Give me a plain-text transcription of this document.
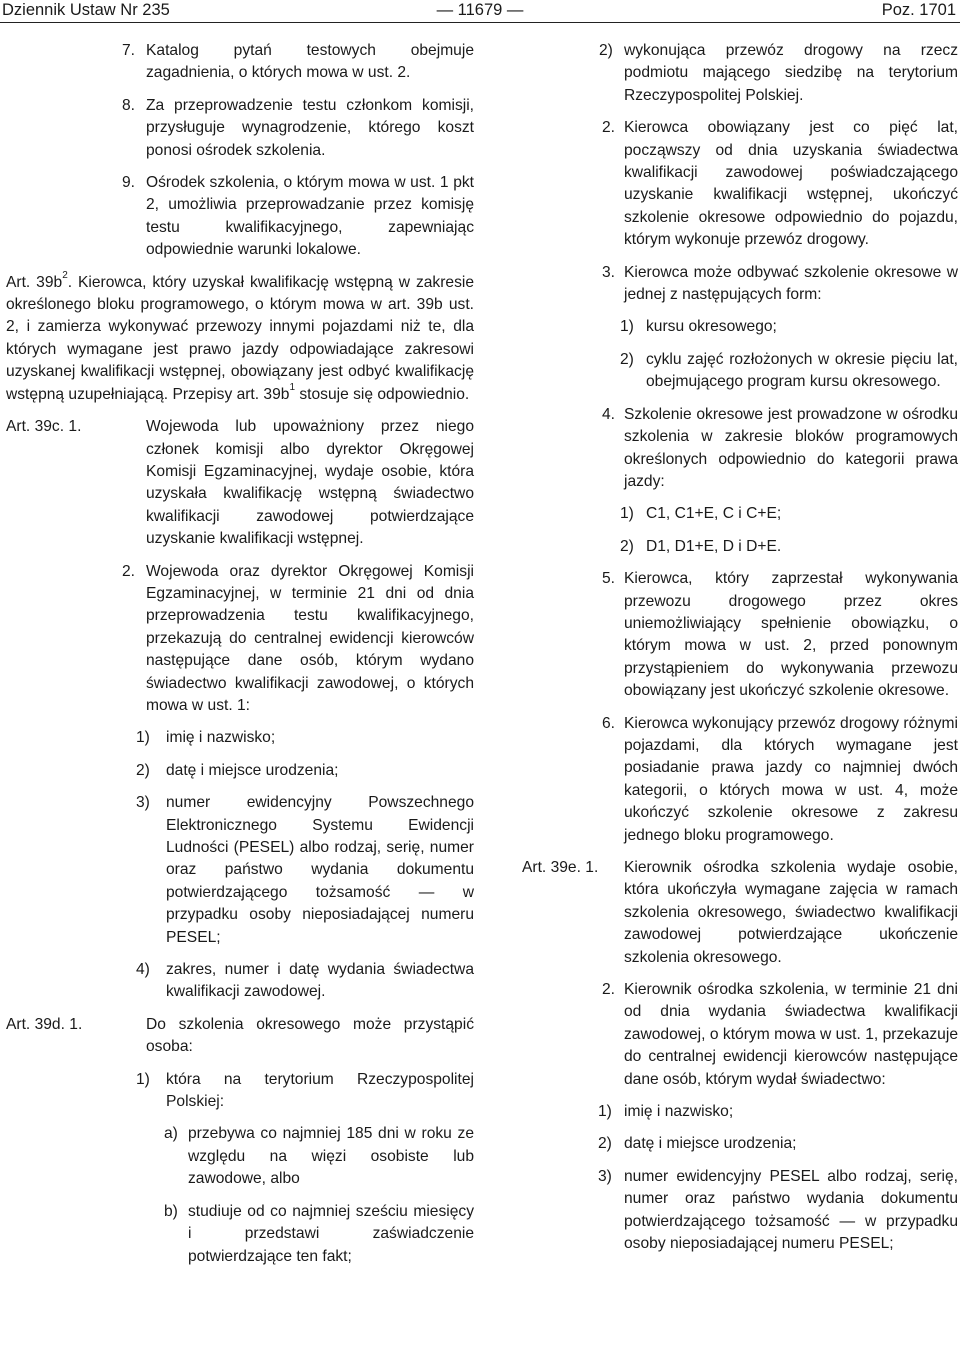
Dziennik Ustaw Nr 235	— 11679 —	Poz. 1701
7. Katalog pytań testowych obejmuje zagadnienia, o których mowa w ust. 2.
8. Za przeprowadzenie testu członkom komisji, przysługuje wynagrodzenie, którego koszt ponosi ośrodek szkolenia.
9. Ośrodek szkolenia, o którym mowa w ust. 1 pkt 2, umożliwia przeprowadzanie przez komisję testu kwalifikacyjnego, zapewniając odpowiednie warunki lokalowe.
Art. $39b^2$. Kierowca, który uzyskał kwalifikację wstępną w zakresie określonego bloku programowego, o którym mowa w art. 39b ust. 2, i zamierza wykonywać przewozy innymi pojazdami niż te, dla których wymagane jest prawo jazdy odpowiadające zakresowi uzyskanej kwalifikacji wstępnej, obowiązany jest odbyć kwalifikację wstępną uzupełniającą. Przepisy art. $39b^1$ stosuje się odpowiednio.
Art. 39c. 1.	Wojewoda lub upoważniony przez niego członek komisji albo dyrektor Okręgowej Komisji Egzaminacyjnej, wydaje osobie, która uzyskała kwalifikację wstępną świadectwo kwalifikacji zawodowej potwierdzające uzyskanie kwalifikacji wstępnej.
2. Wojewoda oraz dyrektor Okręgowej Komisji Egzaminacyjnej, w terminie 21 dni od dnia przeprowadzenia testu kwalifikacyjnego, przekazują do centralnej ewidencji kierowców następujące dane osób, którym wydano świadectwo kwalifikacji zawodowej, o których mowa w ust. 1:
1) imię i nazwisko;
2) datę i miejsce urodzenia;
3) numer ewidencyjny Powszechnego Elektronicznego Systemu Ewidencji Ludności (PESEL) albo rodzaj, serię, numer oraz państwo wydania dokumentu potwierdzającego tożsamość — w przypadku osoby nieposiadającej numeru PESEL;
4) zakres, numer i datę wydania świadectwa kwalifikacji zawodowej.
Art. 39d. 1.	Do szkolenia okresowego może przystąpić osoba:
1) która na terytorium Rzeczypospolitej Polskiej:
a) przebywa co najmniej 185 dni w roku ze względu na więzi osobiste lub zawodowe, albo
b) studiuje od co najmniej sześciu miesięcy i przedstawi zaświadczenie potwierdzające ten fakt;
2) wykonująca przewóz drogowy na rzecz podmiotu mającego siedzibę na terytorium Rzeczypospolitej Polskiej.
2. Kierowca obowiązany jest co pięć lat, począwszy od dnia uzyskania świadectwa kwalifikacji zawodowej poświadczającego uzyskanie kwalifikacji wstępnej, ukończyć szkolenie okresowe odpowiednio do pojazdu, którym wykonuje przewóz drogowy.
3. Kierowca może odbywać szkolenie okresowe w jednej z następujących form:
1) kursu okresowego;
2) cyklu zajęć rozłożonych w okresie pięciu lat, obejmującego program kursu okresowego.
4. Szkolenie okresowe jest prowadzone w ośrodku szkolenia w zakresie bloków programowych określonych odpowiednio do kategorii prawa jazdy:
1) C1, C1+E, C i C+E;
2) D1, D1+E, D i D+E.
5. Kierowca, który zaprzestał wykonywania przewozu drogowego przez okres uniemożliwiający spełnienie obowiązku, o którym mowa w ust. 2, przed ponownym przystąpieniem do wykonywania przewozu obowiązany jest ukończyć szkolenie okresowe.
6. Kierowca wykonujący przewóz drogowy różnymi pojazdami, dla których wymagane jest posiadanie prawa jazdy co najmniej dwóch kategorii, o których mowa w ust. 4, może ukończyć szkolenie okresowe z zakresu jednego bloku programowego.
Art. 39e. 1. Kierownik ośrodka szkolenia wydaje osobie, która ukończyła wymagane zajęcia w ramach szkolenia okresowego, świadectwo kwalifikacji zawodowej potwierdzające ukończenie szkolenia okresowego.
2. Kierownik ośrodka szkolenia, w terminie 21 dni od dnia wydania świadectwa kwalifikacji zawodowej, o którym mowa w ust. 1, przekazuje do centralnej ewidencji kierowców następujące dane osób, którym wydał świadectwo:
1) imię i nazwisko;
2) datę i miejsce urodzenia;
3) numer ewidencyjny PESEL albo rodzaj, serię, numer oraz państwo wydania dokumentu potwierdzającego tożsamość — w przypadku osoby nieposiadającej numeru PESEL;
